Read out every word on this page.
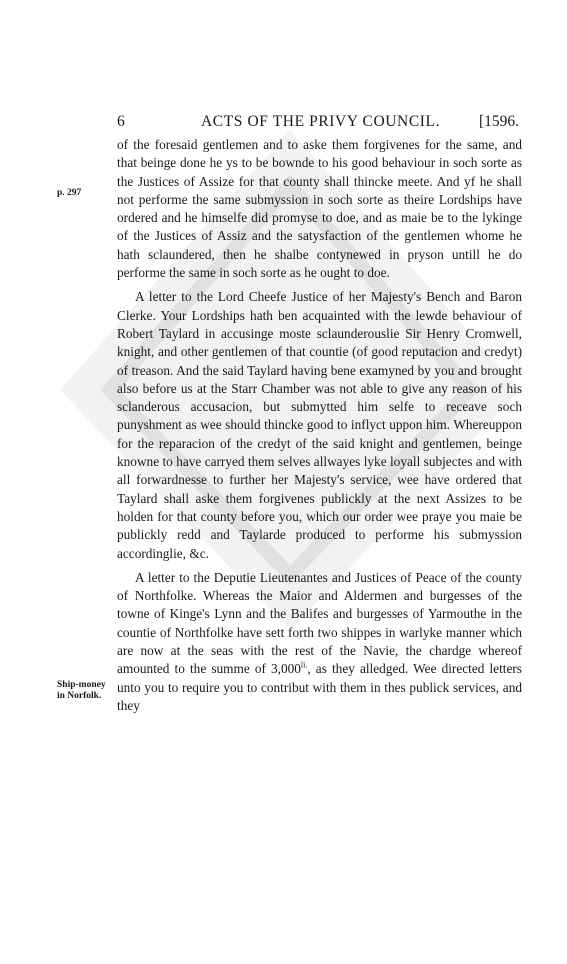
6	ACTS OF THE PRIVY COUNCIL.	[1596.
p. 297
Ship-money in Norfolk.

of the foresaid gentlemen and to aske them forgivenes for the same, and that beinge done he ys to be bownde to his good behaviour in soch sorte as the Justices of Assize for that county shall thincke meete. And yf he shall not performe the same submyssion in soch sorte as theire Lordships have ordered and he himselfe did promyse to doe, and as maie be to the lykinge of the Justices of Assiz and the satysfaction of the gentlemen whome he hath sclaundered, then he shalbe contynewed in pryson untill he do performe the same in soch sorte as he ought to doe.

A letter to the Lord Cheefe Justice of her Majesty's Bench and Baron Clerke. Your Lordships hath ben acquainted with the lewde behaviour of Robert Taylard in accusinge moste sclaunderouslie Sir Henry Cromwell, knight, and other gentlemen of that countie (of good reputacion and credyt) of treason. And the said Taylard having bene examyned by you and brought also before us at the Starr Chamber was not able to give any reason of his sclanderous accusacion, but submytted him selfe to receave soch punyshment as wee should thincke good to inflyct uppon him. Whereuppon for the reparacion of the credyt of the said knight and gentlemen, beinge knowne to have carryed them selves allwayes lyke loyall subjectes and with all forwardnesse to further her Majesty's service, wee have ordered that Taylard shall aske them forgivenes publickly at the next Assizes to be holden for that county before you, which our order wee praye you maie be publickly redd and Taylarde produced to performe his submyssion accordinglie, &c.

A letter to the Deputie Lieutenantes and Justices of Peace of the county of Northfolke. Whereas the Maior and Aldermen and burgesses of the towne of Kinge's Lynn and the Balifes and burgesses of Yarmouthe in the countie of Northfolke have sett forth two shippes in warlyke manner which are now at the seas with the rest of the Navie, the chardge whereof amounted to the summe of $3,000^{li.}$, as they alledged. Wee directed letters unto you to require you to contribut with them in thes publick services, and they
